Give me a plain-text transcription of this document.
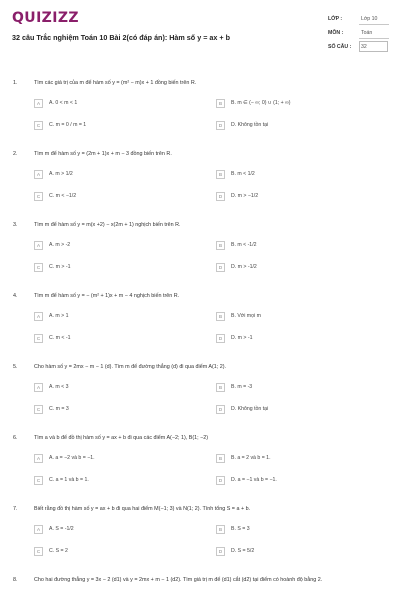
QUIZIZZ
32 câu Trắc nghiệm Toán 10 Bài 2(có đáp án): Hàm số y = ax + b
LỚP :	Lớp 10
MÔN :	Toán
SỐ CÂU : 32
1.	Tìm các giá trị của m để hàm số y = (m² − m)x + 1 đồng biến trên R.
A	A. 0 < m < 1	B	B. m ∈ (− ∞; 0) ∪ (1; + ∞)
C	C. m = 0 / m = 1	D	D. Không tồn tại
2.	Tìm m để hàm số y = (2m + 1)x + m − 3 đồng biến trên R.
A	A. m > 1/2	B	B. m < 1/2
C	C. m < −1/2	D	D. m > −1/2
3.	Tìm m để hàm số y = m(x +2) − x(2m + 1) nghịch biến trên R.
A	A. m > -2	B	B. m < -1/2
C	C. m > -1	D	D. m > -1/2
4.	Tìm m để hàm số y = − (m² + 1)x + m − 4 nghịch biến trên R.
A	A. m > 1	B	B. Với mọi m
C	C. m < -1	D	D. m > -1
5.	Cho hàm số y = 2mx − m − 1 (d). Tìm m để đường thẳng (d) đi qua điểm A(1; 2).
A	A. m < 3	B	B. m = -3
C	C. m = 3	D	D. Không tồn tại
6.	Tìm a và b để đồ thị hàm số y = ax + b đi qua các điểm A(−2; 1), B(1; −2)
A	A. a = −2 và b = −1.	B	B. a = 2 và b = 1.
C	C. a = 1 và b = 1.	D	D. a = −1 và b = −1.
7.	Biết rằng đồ thị hàm số y = ax + b đi qua hai điểm M(−1; 3) và N(1; 2). Tính tổng S = a + b.
A	A. S = -1/2	B	B. S = 3
C	C. S = 2	D	D. S = 5/2
8.	Cho hai đường thẳng y = 3x − 2 (d1) và y = 2mx + m − 1 (d2). Tìm giá trị m để (d1) cắt (d2) tại điểm có hoành độ bằng 2.
